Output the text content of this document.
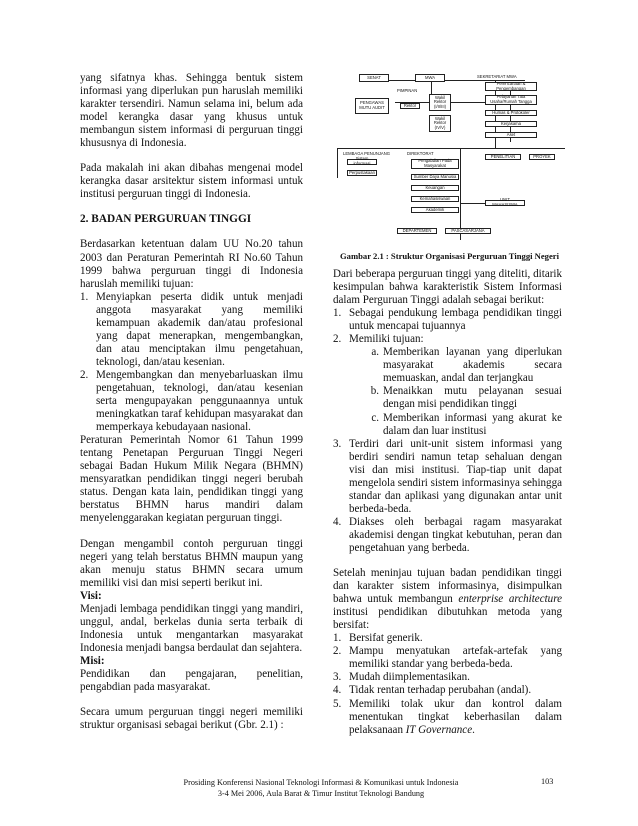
yang sifatnya khas. Sehingga bentuk sistem informasi yang diperlukan pun haruslah memiliki karakter tersendiri. Namun selama ini, belum ada model kerangka dasar yang khusus untuk membangun sistem informasi di perguruan tinggi khususnya di Indonesia.

Pada makalah ini akan dibahas mengenai model kerangka dasar arsitektur sistem informasi untuk institusi perguruan tinggi di Indonesia.

2. BADAN PERGURUAN TINGGI

Berdasarkan ketentuan dalam UU No.20 tahun 2003 dan Peraturan Pemerintah RI No.60 Tahun 1999 bahwa perguruan tinggi di Indonesia haruslah memiliki tujuan:

1. Menyiapkan peserta didik untuk menjadi anggota masyarakat yang memiliki kemampuan akademik dan/atau profesional yang dapat menerapkan, mengembangkan, dan atau menciptakan ilmu pengetahuan, teknologi, dan/atau kesenian.
2. Mengembangkan dan menyebarluaskan ilmu pengetahuan, teknologi, dan/atau kesenian serta mengupayakan penggunaannya untuk meningkatkan taraf kehidupan masyarakat dan memperkaya kebudayaan nasional.

Peraturan Pemerintah Nomor 61 Tahun 1999 tentang Penetapan Perguruan Tinggi Negeri sebagai Badan Hukum Milik Negara (BHMN) mensyaratkan pendidikan tinggi negeri berubah status. Dengan kata lain, pendidikan tinggi yang berstatus BHMN harus mandiri dalam menyelenggarakan kegiatan perguruan tinggi.

Dengan mengambil contoh perguruan tinggi negeri yang telah berstatus BHMN maupun yang akan menuju status BHMN secara umum memiliki visi dan misi seperti berikut ini.

Visi:

Menjadi lembaga pendidikan tinggi yang mandiri, unggul, andal, berkelas dunia serta terbaik di Indonesia untuk mengantarkan masyarakat Indonesia menjadi bangsa berdaulat dan sejahtera.

Misi:

Pendidikan dan pengajaran, penelitian, pengabdian pada masyarakat.

Secara umum perguruan tinggi negeri memiliki struktur organisasi sebagai berikut (Gbr. 2.1) :

SENAT	MWA	SEKRETARIAT MWA
Perencanaan & Pengembangan
Pelayanan Tata Usaha/Rumah Tangga
Humas & Protokoler
Kerjasama
Aset
PIMPINAN
PENGAWAS MUTU AUDIT	Rektor
Wakil Rektor (I/II/III)
Wakil Rektor (IV/V)
LEMBAGA PENUNJANG
Sistem informasi
Perpustakaan
DIREKTORAT
Pengabdian Pada Masyarakat
Sumber Daya Manusia
Keuangan
Kemahasiswaan
Akademik
PENELITIAN	PROYEK
UNIT MAHASISWA
DEPARTEMEN	PASCASARJANA
Gambar 2.1 : Struktur Organisasi Perguruan Tinggi Negeri

Dari beberapa perguruan tinggi yang diteliti, ditarik kesimpulan bahwa karakteristik Sistem Informasi dalam Perguruan Tinggi adalah sebagai berikut:

1. Sebagai pendukung lembaga pendidikan tinggi untuk mencapai tujuannya
2. Memiliki tujuan:
a. Memberikan layanan yang diperlukan masyarakat akademis secara memuaskan, andal dan terjangkau
b. Menaikkan mutu pelayanan sesuai dengan misi pendidikan tinggi
c. Memberikan informasi yang akurat ke dalam dan luar institusi
3. Terdiri dari unit-unit sistem informasi yang berdiri sendiri namun tetap sehaluan dengan visi dan misi institusi. Tiap-tiap unit dapat mengelola sendiri sistem informasinya sehingga standar dan aplikasi yang digunakan antar unit berbeda-beda.
4. Diakses oleh berbagai ragam masyarakat akademisi dengan tingkat kebutuhan, peran dan pengetahuan yang berbeda.

Setelah meninjau tujuan badan pendidikan tinggi dan karakter sistem informasinya, disimpulkan bahwa untuk membangun enterprise architecture institusi pendidikan dibutuhkan metoda yang bersifat:

1. Bersifat generik.
2. Mampu menyatukan artefak-artefak yang memiliki standar yang berbeda-beda.
3. Mudah diimplementasikan.
4. Tidak rentan terhadap perubahan (andal).
5. Memiliki tolak ukur dan kontrol dalam menentukan tingkat keberhasilan dalam pelaksanaan IT Governance.
Prosiding Konferensi Nasional Teknologi Informasi & Komunikasi untuk Indonesia
3-4 Mei 2006, Aula Barat & Timur Institut Teknologi Bandung
103
